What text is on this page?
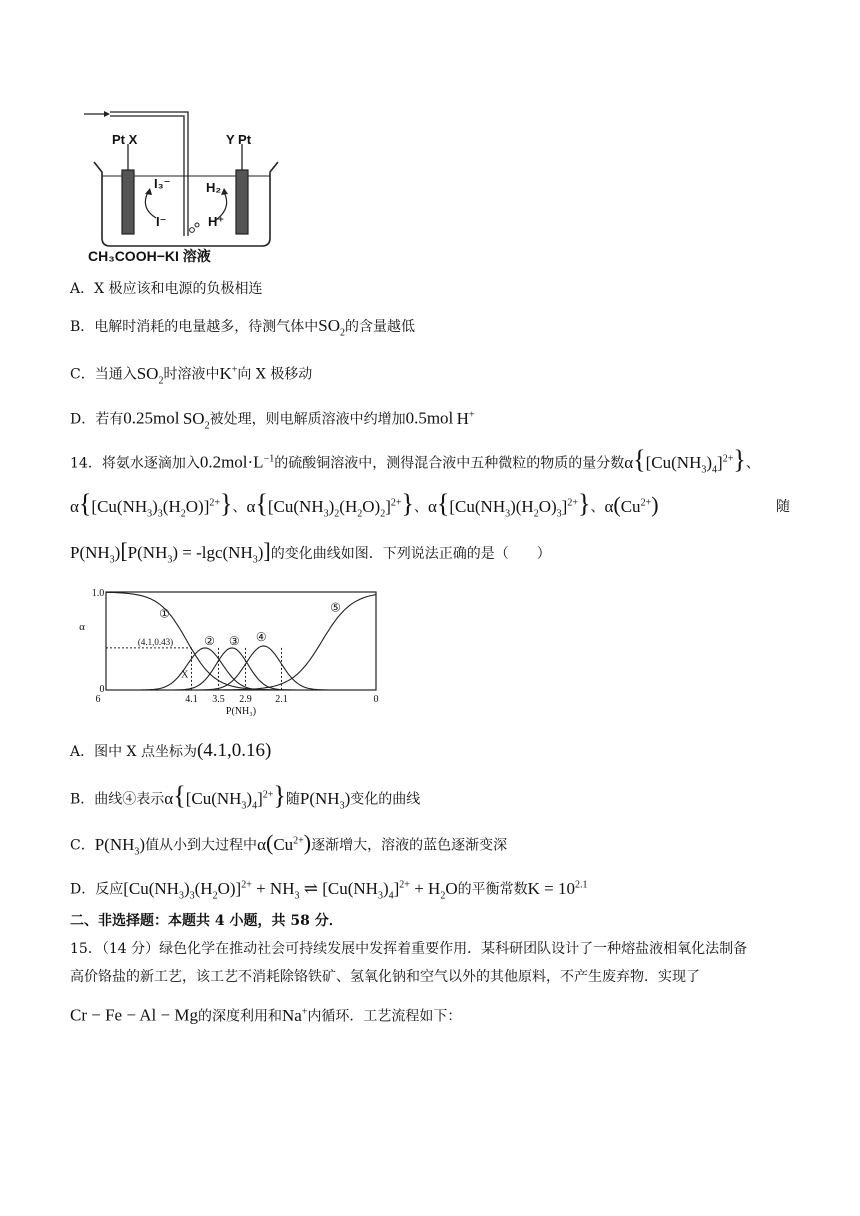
Pt X	Y Pt
I₃⁻
I⁻
H₂
H⁺
CH₃COOH−KI 溶液
A．X 极应该和电源的负极相连
B．电解时消耗的电量越多，待测气体中$SO_2$的含量越低
C．当通入$SO_2$时溶液中K+向 X 极移动
D．若有0.25mol $SO_2$被处理，则电解质溶液中约增加0.5mol H+
14．将氨水逐滴加入$0.2mol\cdot L^{-1}$的硫酸铜溶液中，测得混合液中五种微粒的物质的量分数$\alpha\{[Cu(NH_3)_4]^{2+}\}$、
$\alpha\{[Cu(NH_3)_3(H_2O)]^{2+}\}$、$\alpha\{[Cu(NH_3)_2(H_2O)_2]^{2+}\}$、$\alpha\{[Cu(NH_3)(H_2O)_3]^{2+}\}$、$\alpha(Cu^{2+})$	随
$P(NH_3)[P(NH_3) = -\lg c(NH_3)]$的变化曲线如图．下列说法正确的是（　　）
①
② ③ ④
⑤
(4.1,0.43)
X
6	4.1 3.5 2.9 2.1	0
1.0
0
α
P(NH₃)
A．图中 X 点坐标为(4.1,0.16)
B．曲线④表示$\alpha\{[Cu(NH_3)_4]^{2+}\}$随$P(NH_3)$变化的曲线
C．$P(NH_3)$值从小到大过程中$\alpha(Cu^{2+})$逐渐增大，溶液的蓝色逐渐变深
D．反应$[Cu(NH_3)_3(H_2O)]^{2+} + NH_3$ ⇌ $[Cu(NH_3)_4]^{2+} + H_2O$的平衡常数$K = 10^{2.1}$
二、非选择题：本题共 4 小题，共 58 分．
15．（14 分）绿色化学在推动社会可持续发展中发挥着重要作用．某科研团队设计了一种熔盐液相氧化法制备
高价铬盐的新工艺，该工艺不消耗除铬铁矿、氢氧化钠和空气以外的其他原料，不产生废弃物．实现了
Cr − Fe − Al − Mg的深度利用和Na+内循环．工艺流程如下：
